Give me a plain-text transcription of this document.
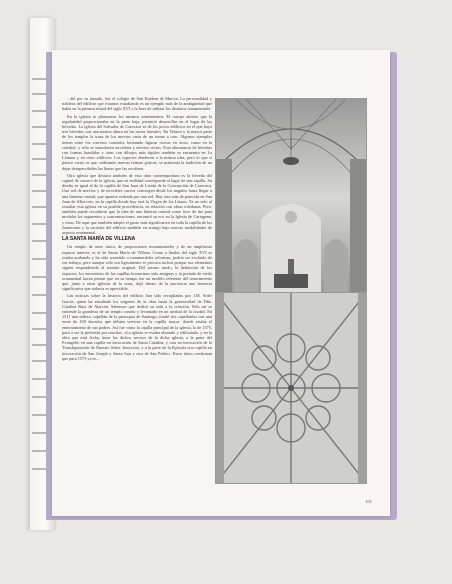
...del por su trazado, fue el colegio de San Esteban de Murcia. La personalidad y nobleza del edificio que estamos estudiando es un ejemplo más de la ambigüedad que había en la primera mitad del siglo XVI a la hora de utilizar los distintos ornamentales.

En la iglesia se plasmaron los mismos sentimientos. El cuerpo abierto que la regularidad proporcionaba en la parte baja, permitió desarrollar en el lugar de las bóvedas. La iglesia del Salvador de Caravaca es de los pocos edificios en el que haya tres bóvedas con una misma altura en las naves laterales. En Yelarra y la mayor parte de los templos la traza de los nervios varía de un tramo a otro. Algunos ejemplos tienen entre los crucetos contados formando figuras curvas en otros, como en la catedral, y sólo se introducen terceletes y nervios rectos. Esta alternancia de bóvedas con formas hundidas y otras con dibujos más rígidos también se encuentra en La Llanura y en otros edificios. Los soportes obedecen a la misma idea, pero lo que sí parece cierto es que, utilizando nuevas formas góticas, se mantenía la tradición de no dejar desapercibidas las líneas que las recubren.

Otra iglesia que destaca también de esta obra contemporánea es la bóveda del capitel de crucero de la iglesia, que en realidad corresponde al lugar de una capilla. Su diseño es igual al de la capilla de San Juan de Letrán de la Concepción de Caravaca. Una red de nervios y de terceletes curvos convergen desde los ángulos hasta llegar a una linterna central, que aparece rodeada por una red. Hay otra más de parecida en San Juan de Alba-cete, en la capilla donde hoy está la Virgen de los Llanos. Ya no solo al estudiar esta iglesia en su posible procedencia, en relación con obras toledanas. Pero, también puede recordarse que la idea de una linterna central como foco de luz para modular los segmentos y concentraciones, encontró su eco en la Iglesia de Cartagena, y otras. De aquí que también adoptó el gusto más significativo en toda la capilla de los Junterones y la sacristía del edificio también en arraigo bajo nuevas modalidades de aspecto ornamental.

LA SANTA MARÍA DE VILLENA

Un templo de nave única, de proporciones monumentales y de un amplísimo espacio interior, es el de Santa María de Villena. Como a finales del siglo XVI se estaba acabando y ha sido sometido a innumerables reformas, podría ser excluido de ese trabajo, pero aunque sólo sea ligeramente se procura incluir porque sus elementos siguen respondiendo al trazado original. Del mismo modo, la definición de los espacios, los encuentros de las capillas hornacinas más antiguas y la portada de estilo ornamental hacen pensar que en su tiempo fue un modelo referente del renacimiento que, junto a otras iglesias de la zona, dejó dentro de la provincia una herencia significativa que todavía es apreciable.

Las noticias sobre la historia del edificio han sido recopiladas por J.M. Soler García, quien ha estudiado los orígenes de la obra hasta la generosidad de Dña. Catalina Ruiz de Alarcón. Sabemos que dedicó su vida a la creación. Sólo así se entiende la grandeza de un templo creado y levantado en un arrabal de la ciudad. En 1511 una señora, capellán de la parroquia de Santiago, fundó dos capellanías con una renta de 100 ducados que debían servirse en la capilla mayor, donde estaba el enterramiento de sus padres. Así fue como la capilla principal de la iglesia, la de 1575, pasó a ser la preferida por muchos. «La iglesia se estaba obrando y edificando, y en la obra que está fecha, tiene los dichos nervios de la dicha iglesia, a la parte del Evangelio en una capilla en invocación de Santa Catalina, y otra en invocación de la Transfiguración de Nuestro Señor Jesucristo, y a la parte de la Epístola otra capilla en invocación de San Joseph y Santa Ana y otra de San Pedro». Estos datos confirman que para 1575 ya se...

101
